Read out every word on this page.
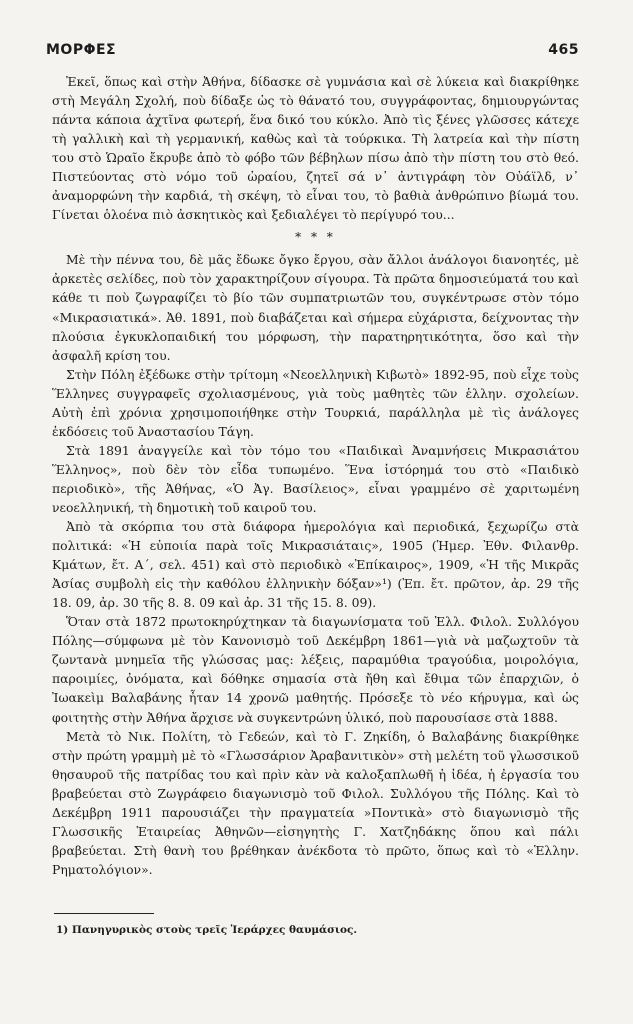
ΜΟΡΦΕΣ	465

Ἐκεῖ, ὅπως καὶ στὴν Ἀθήνα, δίδασκε σὲ γυμνάσια καὶ σὲ λύκεια καὶ διακρίθηκε στὴ Μεγάλη Σχολή, ποὺ δίδαξε ὡς τὸ θάνατό του, συγγράφοντας, δημιουργώντας πάντα κάποια ἀχτῖνα φωτερή, ἕνα δικό του κύκλο. Ἀπὸ τὶς ξένες γλῶσσες κάτεχε τὴ γαλλικὴ καὶ τὴ γερμανική, καθὼς καὶ τὰ τούρκικα. Τὴ λατρεία καὶ τὴν πίστη του στὸ Ὡραῖο ἔκρυβε ἀπὸ τὸ φόβο τῶν βέβηλων πίσω ἀπὸ τὴν πίστη του στὸ θεό. Πιστεύοντας στὸ νόμο τοῦ ὡραίου, ζητεῖ σά ν᾽ ἀντιγράφη τὸν Οὐάϊλδ, ν᾽ ἀναμορφώνη τὴν καρδιά, τὴ σκέψη, τὸ εἶναι του, τὸ βαθιὰ ἀνθρώπινο βίωμά του. Γίνεται ὁλοένα πιὸ ἀσκητικὸς καὶ ξεδιαλέγει τὸ περίγυρό του...

* * *

Μὲ τὴν πέννα του, δὲ μᾶς ἔδωκε ὄγκο ἔργου, σὰν ἄλλοι ἀνάλογοι διανοητές, μὲ ἀρκετὲς σελίδες, ποὺ τὸν χαρακτηρίζουν σίγουρα. Τὰ πρῶτα δημοσιεύματά του καὶ κάθε τι ποὺ ζωγραφίζει τὸ βίο τῶν συμπατριωτῶν του, συγκέντρωσε στὸν τόμο «Μικρασιατικά». Ἀθ. 1891, ποὺ διαβάζεται καὶ σήμερα εὐχάριστα, δείχνοντας τὴν πλούσια ἐγκυκλοπαιδική του μόρφωση, τὴν παρατηρητικότητα, ὅσο καὶ τὴν ἀσφαλῆ κρίση του.

Στὴν Πόλη ἐξέδωκε στὴν τρίτομη «Νεοελληνικὴ Κιβωτὸ» 1892-95, ποὺ εἶχε τοὺς Ἕλληνες συγγραφεῖς σχολιασμένους, γιὰ τοὺς μαθητὲς τῶν ἑλλην. σχολείων. Αὐτὴ ἐπὶ χρόνια χρησιμοποιήθηκε στὴν Τουρκιά, παράλληλα μὲ τὶς ἀνάλογες ἐκδόσεις τοῦ Ἀναστασίου Τάγη.

Στὰ 1891 ἀναγγείλε καὶ τὸν τόμο του «Παιδικαὶ Ἀναμνήσεις Μικρασιάτου Ἕλληνος», ποὺ δὲν τὸν εἶδα τυπωμένο. Ἕνα ἱστόρημά του στὸ «Παιδικὸ περιοδικὸ», τῆς Ἀθήνας, «Ὁ Ἀγ. Βασίλειος», εἶναι γραμμένο σὲ χαριτωμένη νεοελληνική, τὴ δημοτικὴ τοῦ καιροῦ του.

Ἀπὸ τὰ σκόρπια του στὰ διάφορα ἡμερολόγια καὶ περιοδικά, ξεχωρίζω στὰ πολιτικά: «Ἡ εὐποιία παρὰ τοῖς Μικρασιάταις», 1905 (Ἡμερ. Ἐθν. Φιλανθρ. Κμάτων, ἔτ. Α΄, σελ. 451) καὶ στὸ περιοδικὸ «Ἐπίκαιρος», 1909, «Ἡ τῆς Μικρᾶς Ἀσίας συμβολὴ εἰς τὴν καθόλου ἑλληνικὴν δόξαν»¹) (Ἐπ. ἔτ. πρῶτον, ἀρ. 29 τῆς 18. 09, ἀρ. 30 τῆς 8. 8. 09 καὶ ἀρ. 31 τῆς 15. 8. 09).

Ὅταν στὰ 1872 πρωτοκηρύχτηκαν τὰ διαγωνίσματα τοῦ Ἑλλ. Φιλολ. Συλλόγου Πόλης—σύμφωνα μὲ τὸν Κανονισμὸ τοῦ Δεκέμβρη 1861—γιὰ νὰ μαζωχτοῦν τὰ ζωντανὰ μνημεῖα τῆς γλώσσας μας: λέξεις, παραμύθια τραγούδια, μοιρολόγια, παροιμίες, ὀνόματα, καὶ δόθηκε σημασία στὰ ἤθη καὶ ἔθιμα τῶν ἐπαρχιῶν, ὁ Ἰωακεὶμ Βαλαβάνης ἦταν 14 χρονῶ μαθητής. Πρόσεξε τὸ νέο κήρυγμα, καὶ ὡς φοιτητὴς στὴν Ἀθήνα ἄρχισε νὰ συγκεντρώνη ὑλικό, ποὺ παρουσίασε στὰ 1888.

Μετὰ τὸ Νικ. Πολίτη, τὸ Γεδεών, καὶ τὸ Γ. Ζηκίδη, ὁ Βαλαβάνης διακρίθηκε στὴν πρώτη γραμμὴ μὲ τὸ «Γλωσσάριον Ἀραβανιτικὸν» στὴ μελέτη τοῦ γλωσσικοῦ θησαυροῦ τῆς πατρίδας του καὶ πρὶν κὰν νὰ καλοξαπλωθῆ ἡ ἰδέα, ἡ ἐργασία του βραβεύεται στὸ Ζωγράφειο διαγωνισμὸ τοῦ Φιλολ. Συλλόγου τῆς Πόλης. Καὶ τὸ Δεκέμβρη 1911 παρουσιάζει τὴν πραγματεία »Ποντικὰ» στὸ διαγωνισμὸ τῆς Γλωσσικῆς Ἑταιρείας Ἀθηνῶν—εἰσηγητὴς Γ. Χατζηδάκης ὅπου καὶ πάλι βραβεύεται. Στὴ θανὴ του βρέθηκαν ἀνέκδοτα τὸ πρῶτο, ὅπως καὶ τὸ «Ἑλλην. Ρηματολόγιον».

1) Πανηγυρικὸς στοὺς τρεῖς Ἱεράρχες θαυμάσιος.
